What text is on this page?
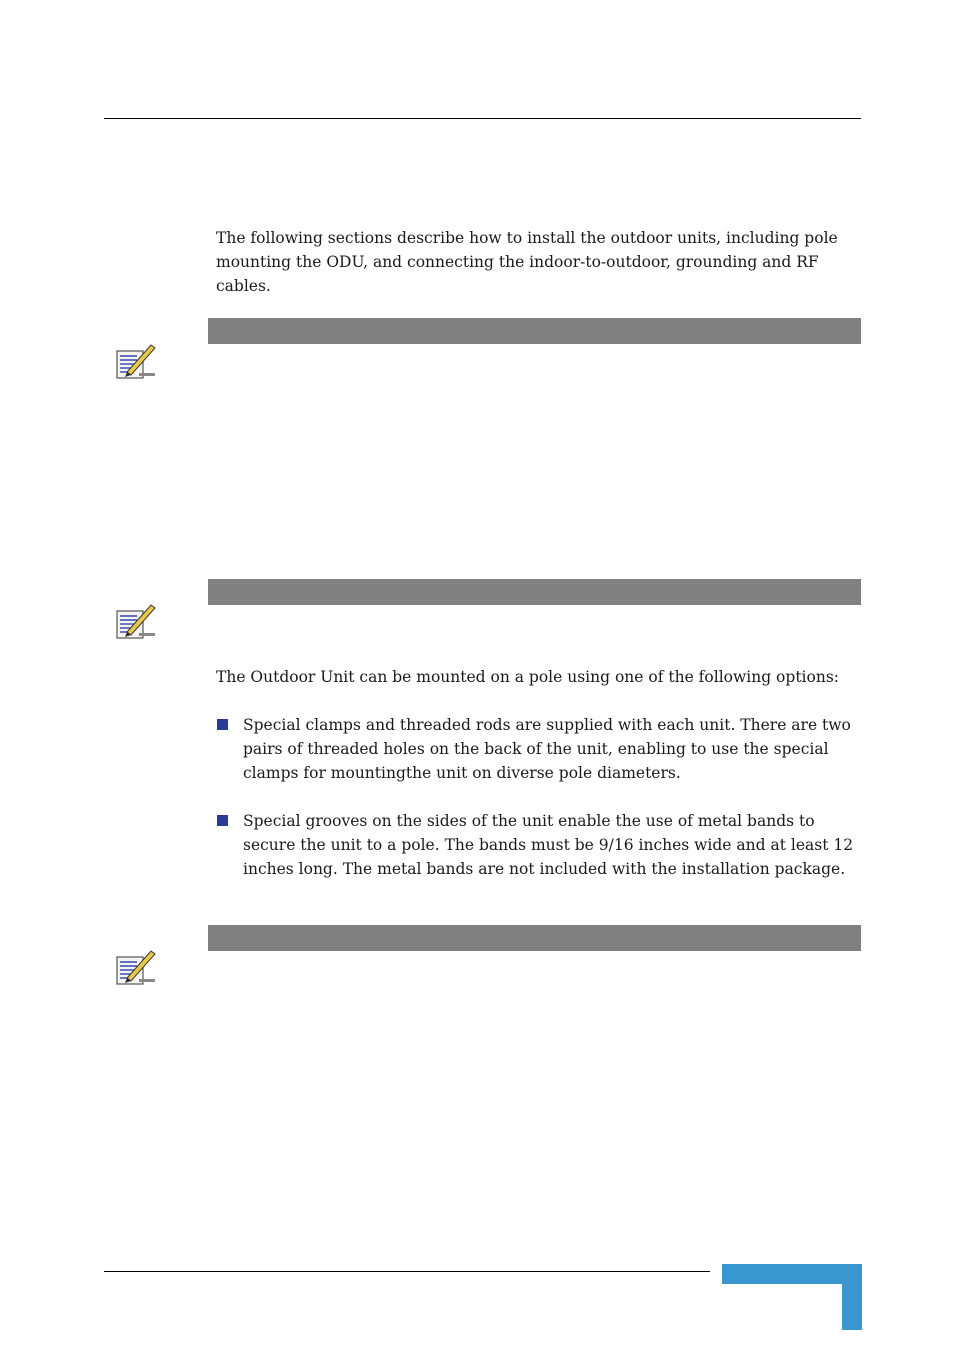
The following sections describe how to install the outdoor units, including pole mounting the ODU, and connecting the indoor-to-outdoor, grounding and RF cables.

The Outdoor Unit can be mounted on a pole using one of the following options:

Special clamps and threaded rods are supplied with each unit. There are two pairs of threaded holes on the back of the unit, enabling to use the special clamps for mountingthe unit on diverse pole diameters.

Special grooves on the sides of the unit enable the use of metal bands to secure the unit to a pole. The bands must be 9/16 inches wide and at least 12 inches long. The metal bands are not included with the installation package.
